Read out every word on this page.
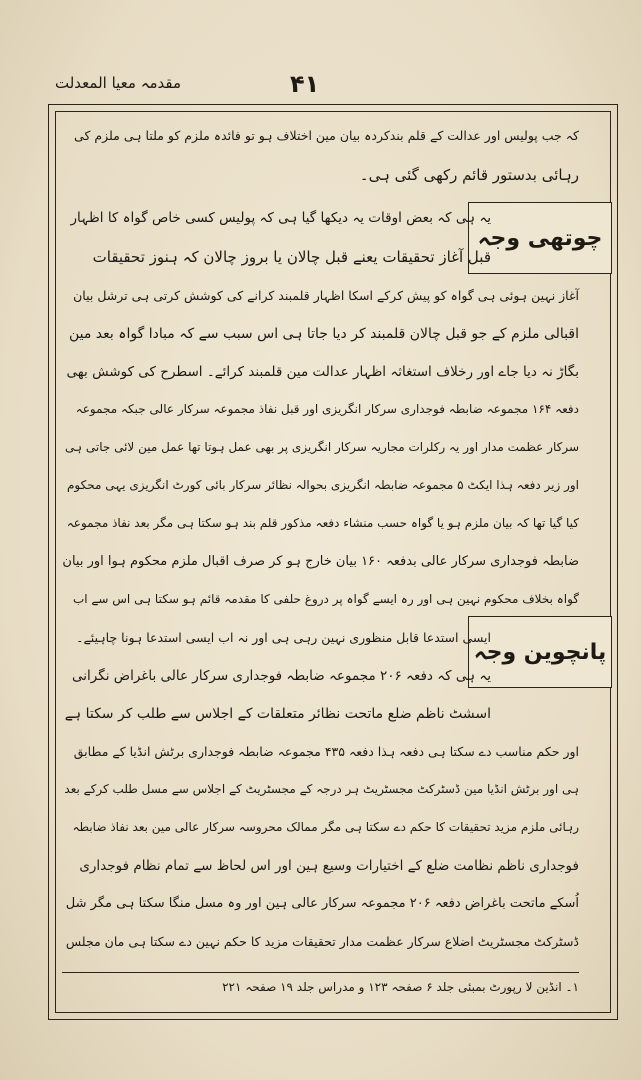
مقدمہ معیا المعدلت	۴۱
چوتھی وجہ
پانچوین وجہ
کہ جب پولیس اور عدالت کے قلم بندکردہ بیان مین اختلاف ہو تو فائدہ ملزم کو ملتا ہی ملزم کی
رہائی بدستور قائم رکھی گئی ہی۔
یہ ہی کہ بعض اوقات یہ دیکھا گیا ہی کہ پولیس کسی خاص گواہ کا اظہار
قبل آغاز تحقیقات یعنے قبل چالان یا بروز چالان کہ ہنوز تحقیقات
آغاز نہین ہوئی ہی گواہ کو پیش کرکے اسکا اظہار قلمبند کرانے کی کوشش کرتی ہی ترشل بیان
اقبالی ملزم کے جو قبل چالان قلمبند کر دیا جاتا ہی اس سبب سے کہ مبادا گواہ بعد مین
بگاڑ نہ دیا جاے اور رخلاف استغاثہ اظہار عدالت مین قلمبند کرائے۔ اسطرح کی کوشش بھی
دفعہ ۱۶۴ مجموعہ ضابطہ فوجداری سرکار انگریزی اور قبل نفاذ مجموعہ سرکار عالی جبکہ مجموعہ
سرکار عظمت مدار اور یہ رکلرات مجاریہ سرکار انگریزی پر بھی عمل ہوتا تھا عمل مین لائی جاتی ہی
اور زیر دفعہ ہذا ایکٹ ۵ مجموعہ ضابطہ انگریزی بحوالہ نظائر سرکار بائی کورٹ انگریزی یہی محکوم
کیا گیا تھا کہ بیان ملزم ہو یا گواہ حسب منشاء دفعہ مذکور قلم بند ہو سکتا ہی مگر بعد نفاذ مجموعہ
ضابطہ فوجداری سرکار عالی بدفعہ ۱۶۰ بیان خارج ہو کر صرف اقبال ملزم محکوم ہوا اور بیان
گواہ بخلاف محکوم نہین ہی اور رہ ایسے گواہ پر دروغ حلفی کا مقدمہ قائم ہو سکتا ہی اس سے اب
ایسی استدعا قابل منظوری نہین رہی ہی اور نہ اب ایسی استدعا ہونا چاہیئے۔
یہ ہی کہ دفعہ ۲۰۶ مجموعہ ضابطہ فوجداری سرکار عالی باغراض نگرانی
اسشٹ ناظم ضلع ماتحت نظائر متعلقات کے اجلاس سے طلب کر سکتا ہے
اور حکم مناسب دے سکتا ہی دفعہ ہذا دفعہ ۴۳۵ مجموعہ ضابطہ فوجداری برٹش انڈیا کے مطابق
ہی اور برٹش انڈیا مین ڈسٹرکٹ مجسٹریٹ ہر درجہ کے مجسٹریٹ کے اجلاس سے مسل طلب کرکے بعد
رہائی ملزم مزید تحقیقات کا حکم دے سکتا ہی مگر ممالک محروسہ سرکار عالی مین بعد نفاذ ضابطہ
فوجداری ناظم نظامت ضلع کے اختیارات وسیع ہین اور اس لحاظ سے تمام نظام فوجداری
اُسکے ماتحت باغراض دفعہ ۲۰۶ مجموعہ سرکار عالی ہین اور وہ مسل منگا سکتا ہی مگر شل
ڈسٹرکٹ مجسٹریٹ اضلاع سرکار عظمت مدار تحقیقات مزید کا حکم نہین دے سکتا ہی مان مجلس
۱۔ انڈین لا رپورٹ بمبئی جلد ۶ صفحہ ۱۲۳ و مدراس جلد ۱۹ صفحہ ۲۲۱
